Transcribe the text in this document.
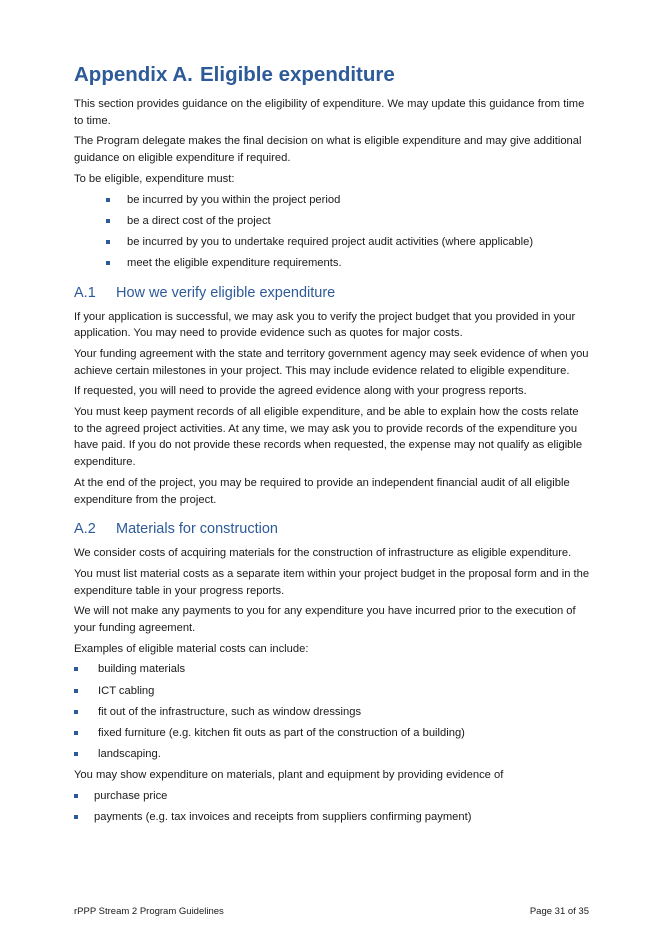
Appendix A. Eligible expenditure

This section provides guidance on the eligibility of expenditure. We may update this guidance from time to time.

The Program delegate makes the final decision on what is eligible expenditure and may give additional guidance on eligible expenditure if required.

To be eligible, expenditure must:

be incurred by you within the project period
be a direct cost of the project
be incurred by you to undertake required project audit activities (where applicable)
meet the eligible expenditure requirements.
A.1 How we verify eligible expenditure

If your application is successful, we may ask you to verify the project budget that you provided in your application. You may need to provide evidence such as quotes for major costs.

Your funding agreement with the state and territory government agency may seek evidence of when you achieve certain milestones in your project. This may include evidence related to eligible expenditure.

If requested, you will need to provide the agreed evidence along with your progress reports.

You must keep payment records of all eligible expenditure, and be able to explain how the costs relate to the agreed project activities. At any time, we may ask you to provide records of the expenditure you have paid. If you do not provide these records when requested, the expense may not qualify as eligible expenditure.

At the end of the project, you may be required to provide an independent financial audit of all eligible expenditure from the project.

A.2 Materials for construction

We consider costs of acquiring materials for the construction of infrastructure as eligible expenditure.

You must list material costs as a separate item within your project budget in the proposal form and in the expenditure table in your progress reports.

We will not make any payments to you for any expenditure you have incurred prior to the execution of your funding agreement.

Examples of eligible material costs can include:

building materials
ICT cabling
fit out of the infrastructure, such as window dressings
fixed furniture (e.g. kitchen fit outs as part of the construction of a building)
landscaping.

You may show expenditure on materials, plant and equipment by providing evidence of

purchase price
payments (e.g. tax invoices and receipts from suppliers confirming payment)
rPPP Stream 2 Program Guidelines	Page 31 of 35
